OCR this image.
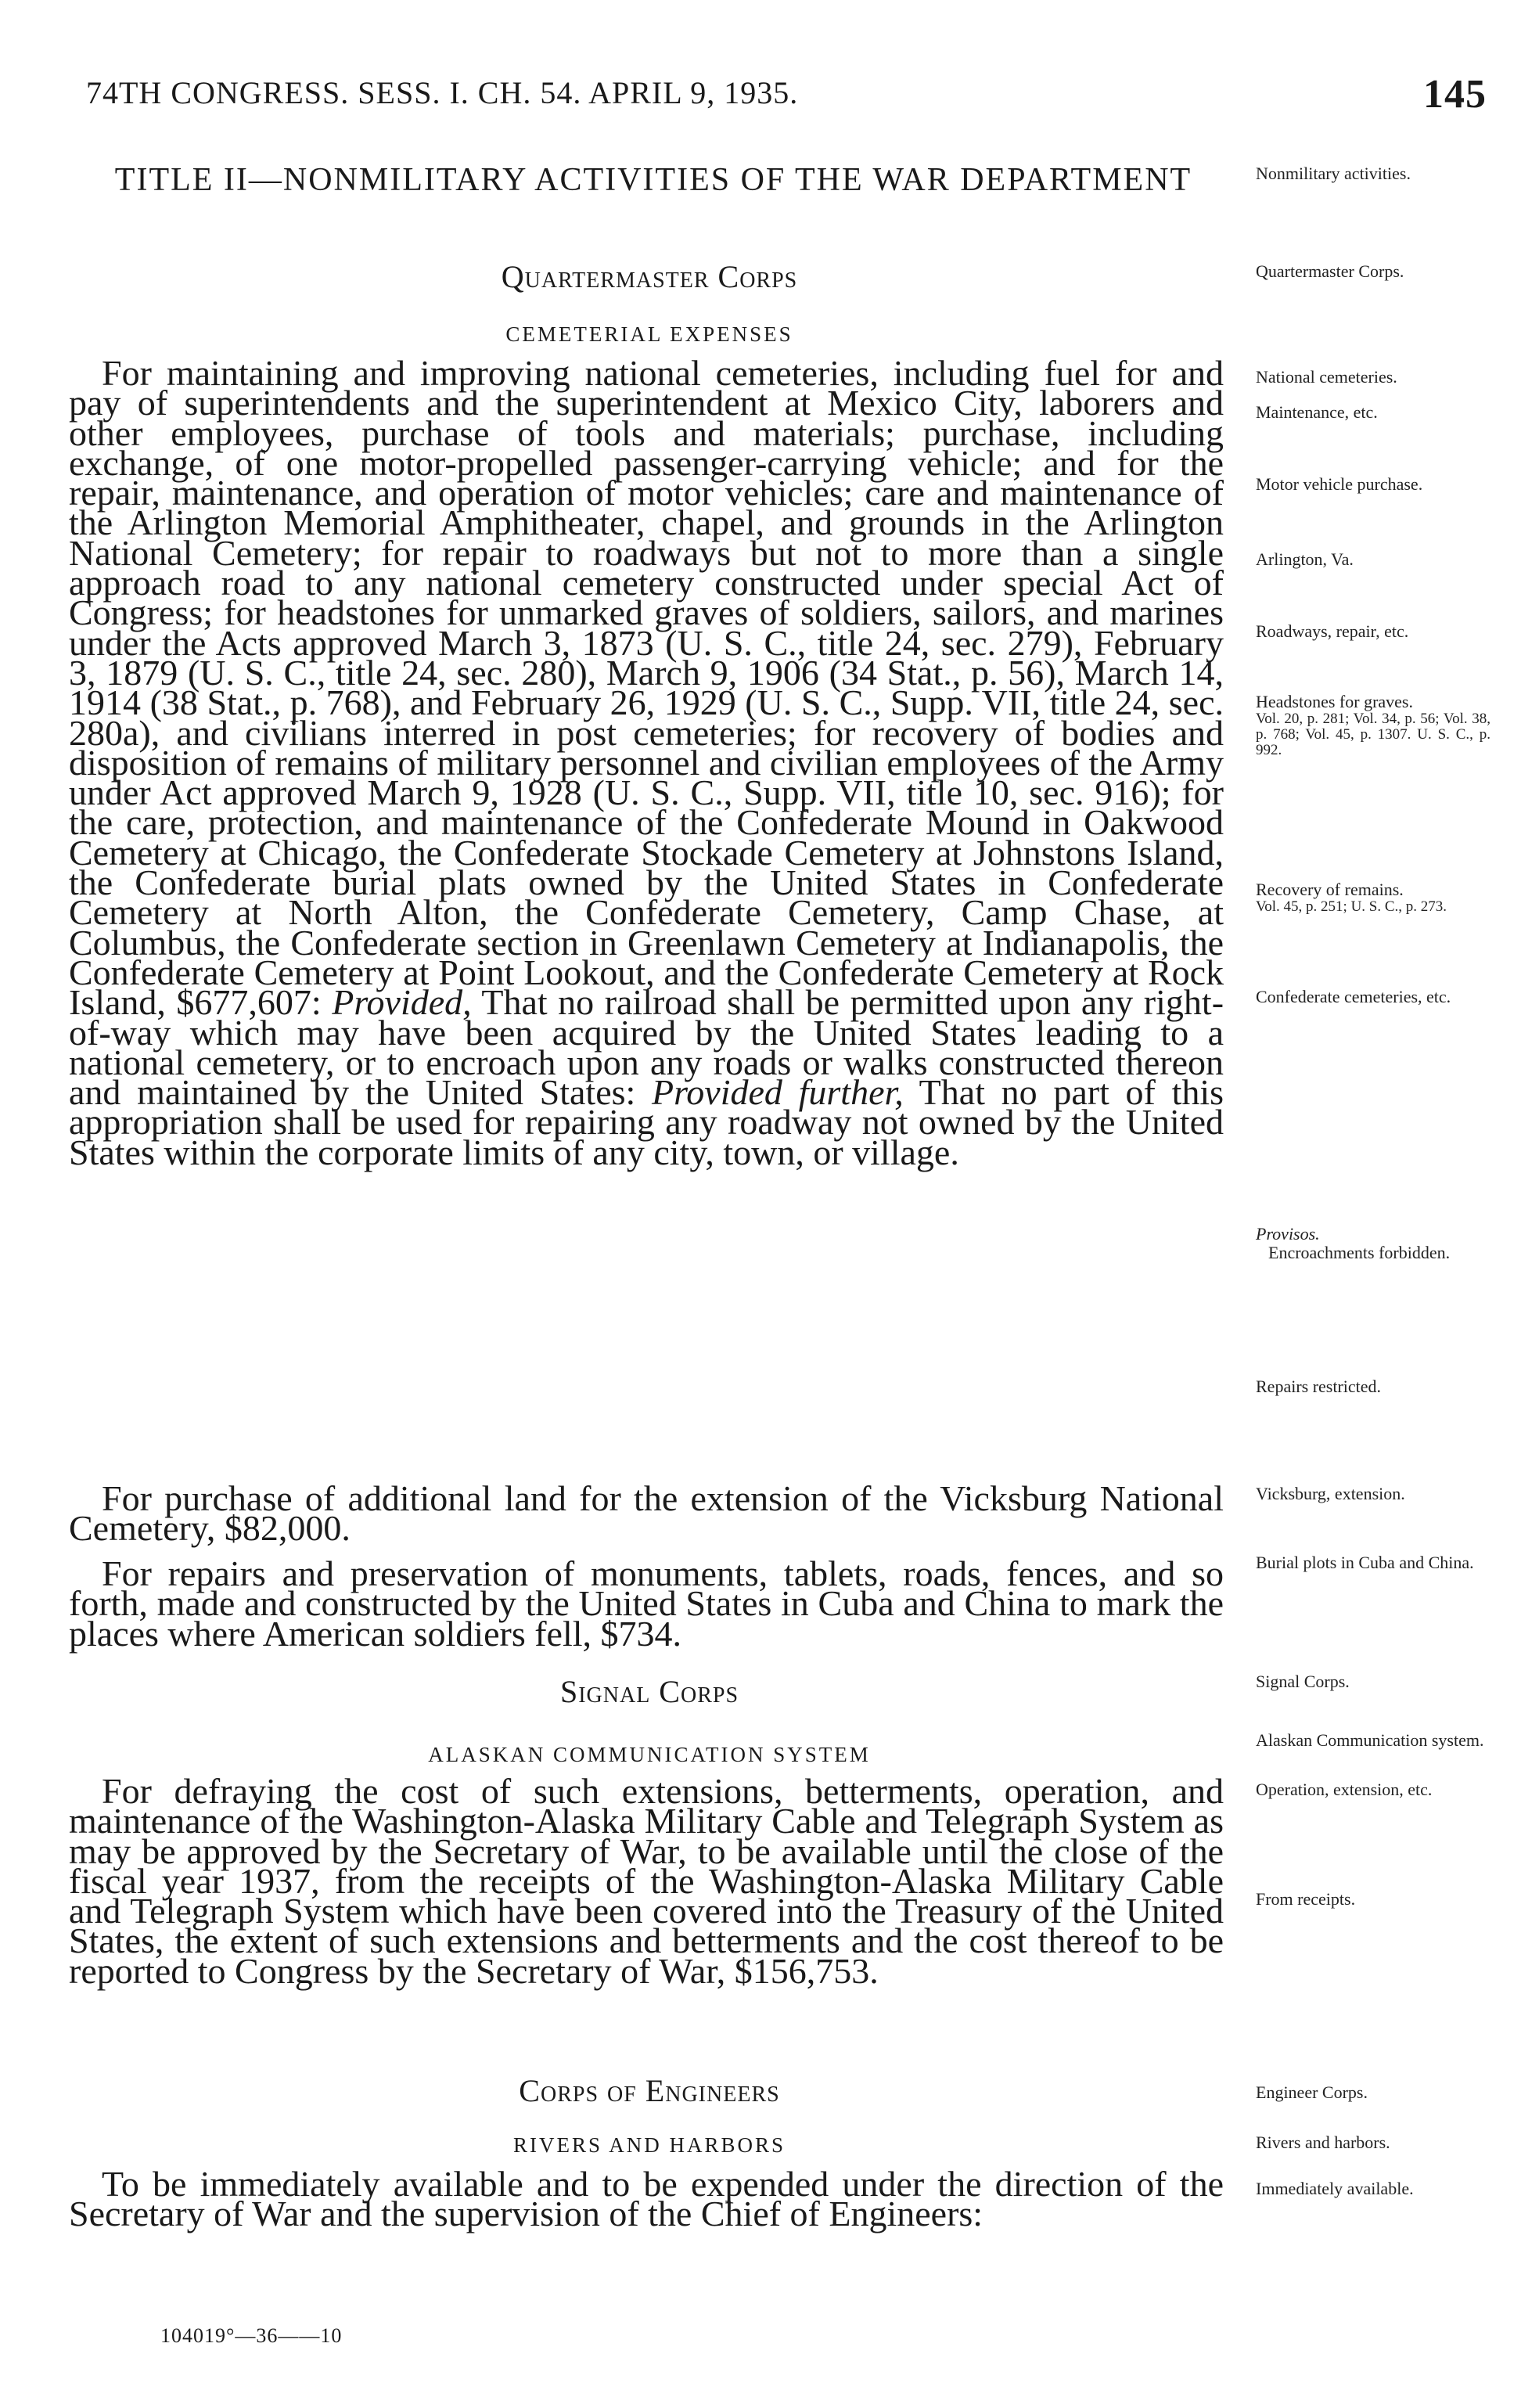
74TH CONGRESS. SESS. I. CH. 54. APRIL 9, 1935.	145
TITLE II—NONMILITARY ACTIVITIES OF THE WAR DEPARTMENT
Quartermaster Corps
CEMETERIAL EXPENSES
For maintaining and improving national cemeteries, including fuel for and pay of superintendents and the superintendent at Mexico City, laborers and other employees, purchase of tools and materials; purchase, including exchange, of one motor-propelled passenger-carrying vehicle; and for the repair, maintenance, and operation of motor vehicles; care and maintenance of the Arlington Memorial Amphitheater, chapel, and grounds in the Arlington National Cemetery; for repair to roadways but not to more than a single approach road to any national cemetery constructed under special Act of Congress; for headstones for unmarked graves of soldiers, sailors, and marines under the Acts approved March 3, 1873 (U. S. C., title 24, sec. 279), February 3, 1879 (U. S. C., title 24, sec. 280), March 9, 1906 (34 Stat., p. 56), March 14, 1914 (38 Stat., p. 768), and February 26, 1929 (U. S. C., Supp. VII, title 24, sec. 280a), and civilians interred in post cemeteries; for recovery of bodies and disposition of remains of military personnel and civilian employees of the Army under Act approved March 9, 1928 (U. S. C., Supp. VII, title 10, sec. 916); for the care, protection, and maintenance of the Confederate Mound in Oakwood Cemetery at Chicago, the Confederate Stockade Cemetery at Johnstons Island, the Confederate burial plats owned by the United States in Confederate Cemetery at North Alton, the Confederate Cemetery, Camp Chase, at Columbus, the Confederate section in Greenlawn Cemetery at Indianapolis, the Confederate Cemetery at Point Lookout, and the Confederate Cemetery at Rock Island, $677,607: Provided, That no railroad shall be permitted upon any right-of-way which may have been acquired by the United States leading to a national cemetery, or to encroach upon any roads or walks constructed thereon and maintained by the United States: Provided further, That no part of this appropriation shall be used for repairing any roadway not owned by the United States within the corporate limits of any city, town, or village.
For purchase of additional land for the extension of the Vicksburg National Cemetery, $82,000.
For repairs and preservation of monuments, tablets, roads, fences, and so forth, made and constructed by the United States in Cuba and China to mark the places where American soldiers fell, $734.
Signal Corps
ALASKAN COMMUNICATION SYSTEM
For defraying the cost of such extensions, betterments, operation, and maintenance of the Washington-Alaska Military Cable and Telegraph System as may be approved by the Secretary of War, to be available until the close of the fiscal year 1937, from the receipts of the Washington-Alaska Military Cable and Telegraph System which have been covered into the Treasury of the United States, the extent of such extensions and betterments and the cost thereof to be reported to Congress by the Secretary of War, $156,753.
Corps of Engineers
RIVERS AND HARBORS
To be immediately available and to be expended under the direction of the Secretary of War and the supervision of the Chief of Engineers:
Nonmilitary activities.
Quartermaster Corps.
National cemeteries.
Maintenance, etc.
Motor vehicle purchase.
Arlington, Va.
Roadways, repair, etc.
Headstones for graves.
Vol. 20, p. 281; Vol. 34, p. 56; Vol. 38, p. 768; Vol. 45, p. 1307. U. S. C., p. 992.
Recovery of remains.
Vol. 45, p. 251; U. S. C., p. 273.
Confederate cemeteries, etc.
Provisos.
Encroachments forbidden.
Repairs restricted.
Vicksburg, extension.
Burial plots in Cuba and China.
Signal Corps.
Alaskan Communication system.
Operation, extension, etc.
From receipts.
Engineer Corps.
Rivers and harbors.
Immediately available.
104019°—36——10
